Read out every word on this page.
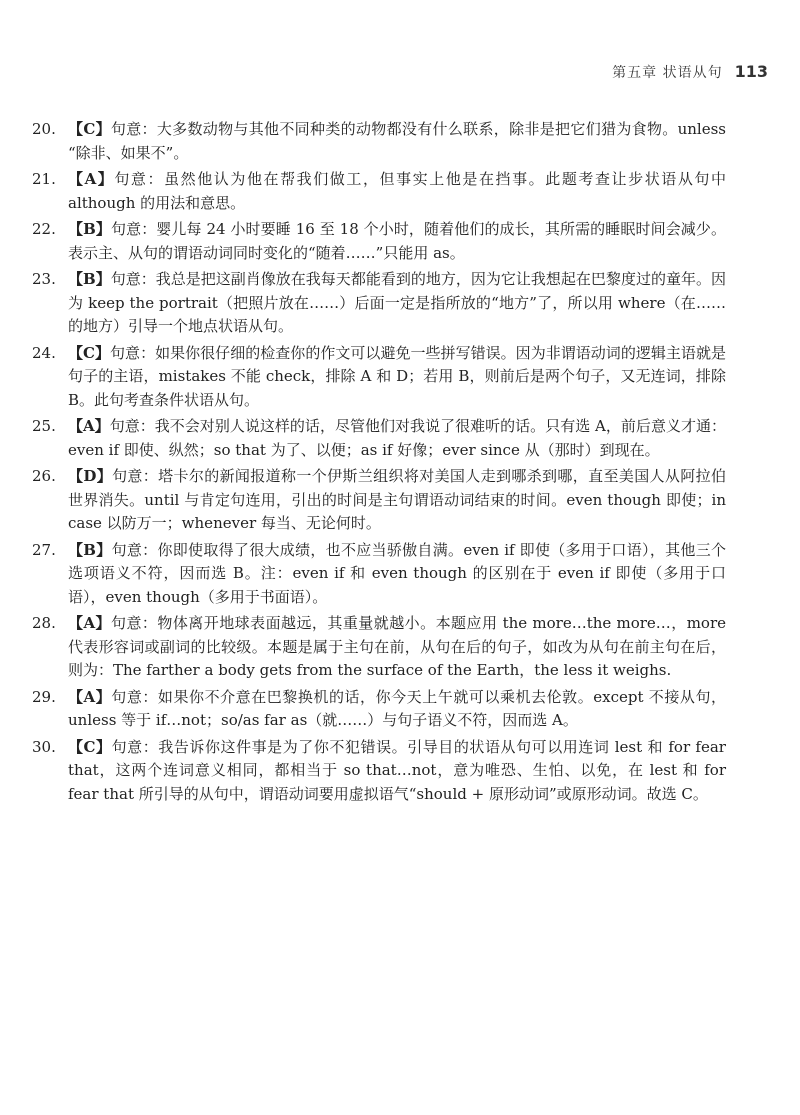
第五章 状语从句 113
20. 【C】句意：大多数动物与其他不同种类的动物都没有什么联系，除非是把它们猎为食物。unless “除非、如果不”。
21. 【A】句意：虽然他认为他在帮我们做工，但事实上他是在挡事。此题考查让步状语从句中 although 的用法和意思。
22. 【B】句意：婴儿每 24 小时要睡 16 至 18 个小时，随着他们的成长，其所需的睡眠时间会减少。表示主、从句的谓语动词同时变化的“随着……”只能用 as。
23. 【B】句意：我总是把这副肖像放在我每天都能看到的地方，因为它让我想起在巴黎度过的童年。因为 keep the portrait（把照片放在……）后面一定是指所放的“地方”了，所以用 where（在……的地方）引导一个地点状语从句。
24. 【C】句意：如果你很仔细的检查你的作文可以避免一些拼写错误。因为非谓语动词的逻辑主语就是句子的主语，mistakes 不能 check，排除 A 和 D；若用 B，则前后是两个句子，又无连词，排除 B。此句考查条件状语从句。
25. 【A】句意：我不会对别人说这样的话，尽管他们对我说了很难听的话。只有选 A，前后意义才通：even if 即使、纵然；so that 为了、以便；as if 好像；ever since 从（那时）到现在。
26. 【D】句意：塔卡尔的新闻报道称一个伊斯兰组织将对美国人走到哪杀到哪，直至美国人从阿拉伯世界消失。until 与肯定句连用，引出的时间是主句谓语动词结束的时间。even though 即使；in case 以防万一；whenever 每当、无论何时。
27. 【B】句意：你即使取得了很大成绩，也不应当骄傲自满。even if 即使（多用于口语），其他三个选项语义不符，因而选 B。注：even if 和 even though 的区别在于 even if 即使（多用于口语），even though（多用于书面语）。
28. 【A】句意：物体离开地球表面越远，其重量就越小。本题应用 the more…the more…，more 代表形容词或副词的比较级。本题是属于主句在前，从句在后的句子，如改为从句在前主句在后，则为：The farther a body gets from the surface of the Earth，the less it weighs.
29. 【A】句意：如果你不介意在巴黎换机的话，你今天上午就可以乘机去伦敦。except 不接从句，unless 等于 if…not；so/as far as（就……）与句子语义不符，因而选 A。
30. 【C】句意：我告诉你这件事是为了你不犯错误。引导目的状语从句可以用连词 lest 和 for fear that，这两个连词意义相同，都相当于 so that…not，意为唯恐、生怕、以免，在 lest 和 for fear that 所引导的从句中，谓语动词要用虚拟语气“should + 原形动词”或原形动词。故选 C。
